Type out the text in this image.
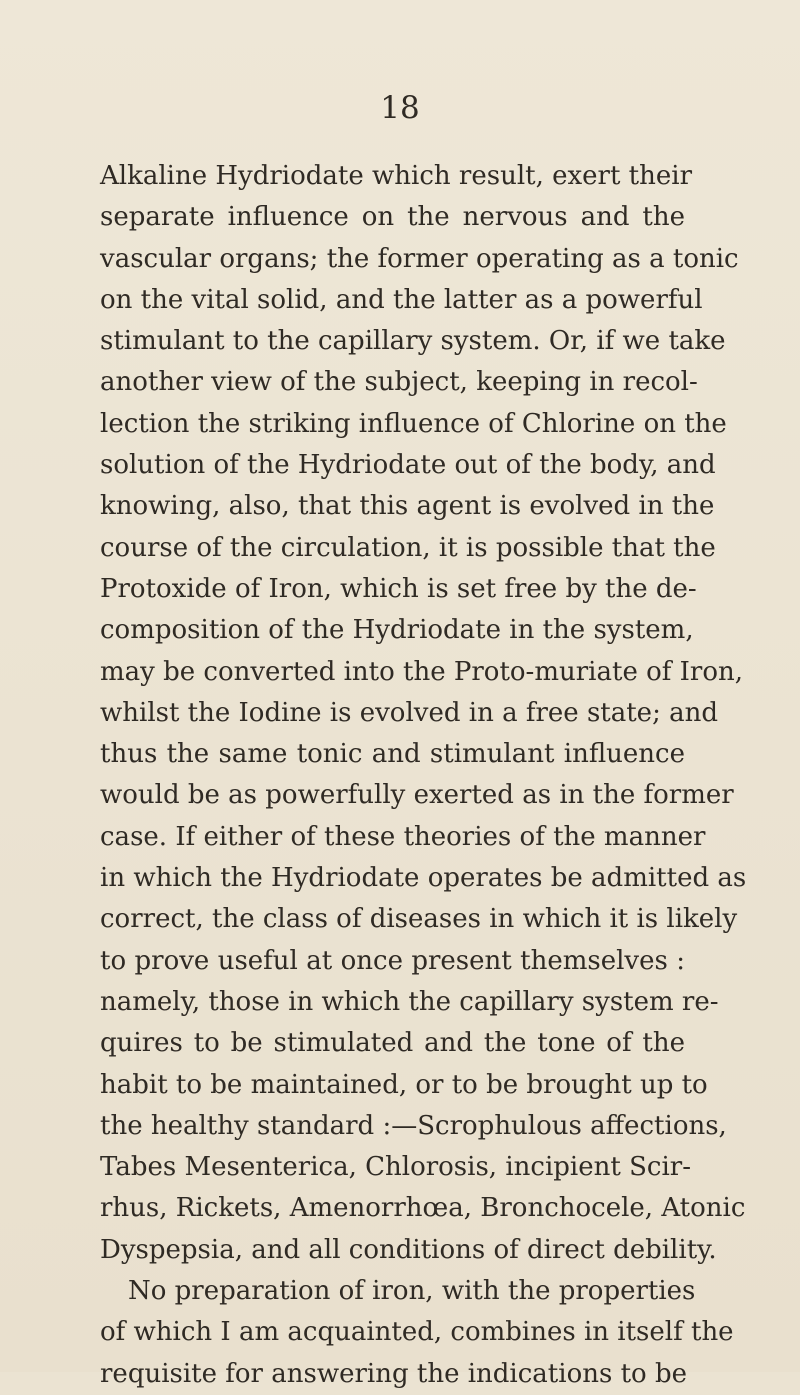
18
Alkaline Hydriodate which result, exert their
separate influence on the nervous and the
vascular organs; the former operating as a tonic
on the vital solid, and the latter as a powerful
stimulant to the capillary system. Or, if we take
another view of the subject, keeping in recol-
lection the striking influence of Chlorine on the
solution of the Hydriodate out of the body, and
knowing, also, that this agent is evolved in the
course of the circulation, it is possible that the
Protoxide of Iron, which is set free by the de-
composition of the Hydriodate in the system,
may be converted into the Proto-muriate of Iron,
whilst the Iodine is evolved in a free state; and
thus the same tonic and stimulant influence
would be as powerfully exerted as in the former
case. If either of these theories of the manner
in which the Hydriodate operates be admitted as
correct, the class of diseases in which it is likely
to prove useful at once present themselves :
namely, those in which the capillary system re-
quires to be stimulated and the tone of the
habit to be maintained, or to be brought up to
the healthy standard :—Scrophulous affections,
Tabes Mesenterica, Chlorosis, incipient Scir-
rhus, Rickets, Amenorrhœa, Bronchocele, Atonic
Dyspepsia, and all conditions of direct debility.
No preparation of iron, with the properties
of which I am acquainted, combines in itself the
requisite for answering the indications to be
